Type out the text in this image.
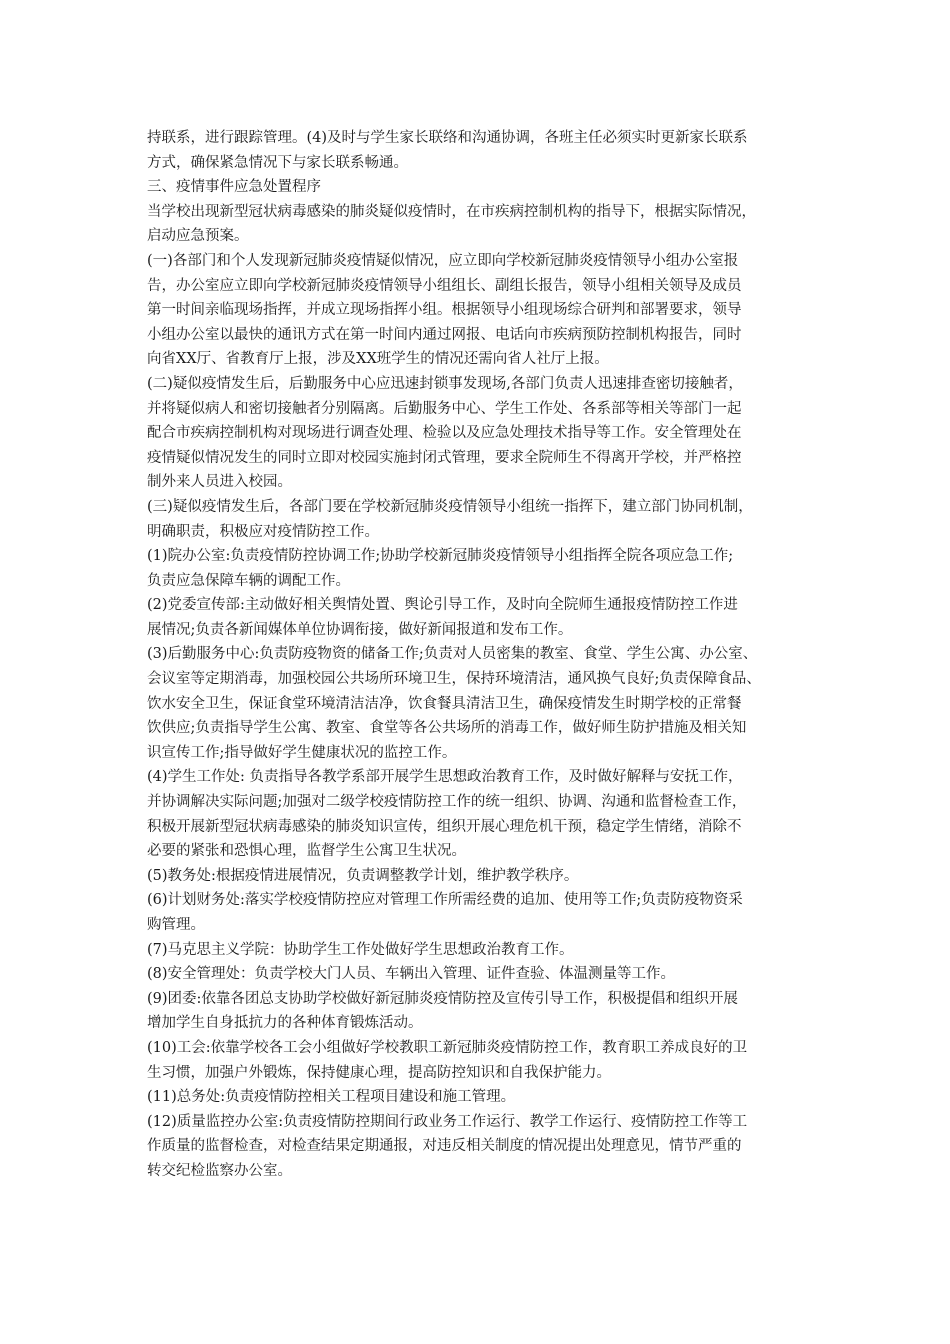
持联系，进行跟踪管理。(4)及时与学生家长联络和沟通协调，各班主任必须实时更新家长联系
方式，确保紧急情况下与家长联系畅通。

三、疫情事件应急处置程序

当学校出现新型冠状病毒感染的肺炎疑似疫情时，在市疾病控制机构的指导下，根据实际情况，
启动应急预案。

(一)各部门和个人发现新冠肺炎疫情疑似情况，应立即向学校新冠肺炎疫情领导小组办公室报
告，办公室应立即向学校新冠肺炎疫情领导小组组长、副组长报告，领导小组相关领导及成员
第一时间亲临现场指挥，并成立现场指挥小组。根据领导小组现场综合研判和部署要求，领导
小组办公室以最快的通讯方式在第一时间内通过网报、电话向市疾病预防控制机构报告，同时
向省XX厅、省教育厅上报，涉及XX班学生的情况还需向省人社厅上报。

(二)疑似疫情发生后，后勤服务中心应迅速封锁事发现场,各部门负责人迅速排查密切接触者，
并将疑似病人和密切接触者分别隔离。后勤服务中心、学生工作处、各系部等相关等部门一起
配合市疾病控制机构对现场进行调查处理、检验以及应急处理技术指导等工作。安全管理处在
疫情疑似情况发生的同时立即对校园实施封闭式管理，要求全院师生不得离开学校，并严格控
制外来人员进入校园。

(三)疑似疫情发生后，各部门要在学校新冠肺炎疫情领导小组统一指挥下，建立部门协同机制，
明确职责，积极应对疫情防控工作。

(1)院办公室:负责疫情防控协调工作;协助学校新冠肺炎疫情领导小组指挥全院各项应急工作;
负责应急保障车辆的调配工作。

(2)党委宣传部:主动做好相关舆情处置、舆论引导工作，及时向全院师生通报疫情防控工作进
展情况;负责各新闻媒体单位协调衔接，做好新闻报道和发布工作。

(3)后勤服务中心:负责防疫物资的储备工作;负责对人员密集的教室、食堂、学生公寓、办公室、
会议室等定期消毒，加强校园公共场所环境卫生，保持环境清洁，通风换气良好;负责保障食品、
饮水安全卫生，保证食堂环境清洁洁净，饮食餐具清洁卫生，确保疫情发生时期学校的正常餐
饮供应;负责指导学生公寓、教室、食堂等各公共场所的消毒工作，做好师生防护措施及相关知
识宣传工作;指导做好学生健康状况的监控工作。

(4)学生工作处: 负责指导各教学系部开展学生思想政治教育工作，及时做好解释与安抚工作，
并协调解决实际问题;加强对二级学校疫情防控工作的统一组织、协调、沟通和监督检查工作，
积极开展新型冠状病毒感染的肺炎知识宣传，组织开展心理危机干预，稳定学生情绪，消除不
必要的紧张和恐惧心理，监督学生公寓卫生状况。

(5)教务处:根据疫情进展情况，负责调整教学计划，维护教学秩序。

(6)计划财务处:落实学校疫情防控应对管理工作所需经费的追加、使用等工作;负责防疫物资采
购管理。

(7)马克思主义学院：协助学生工作处做好学生思想政治教育工作。

(8)安全管理处：负责学校大门人员、车辆出入管理、证件查验、体温测量等工作。

(9)团委:依靠各团总支协助学校做好新冠肺炎疫情防控及宣传引导工作，积极提倡和组织开展
增加学生自身抵抗力的各种体育锻炼活动。

(10)工会:依靠学校各工会小组做好学校教职工新冠肺炎疫情防控工作，教育职工养成良好的卫
生习惯，加强户外锻炼，保持健康心理，提高防控知识和自我保护能力。

(11)总务处:负责疫情防控相关工程项目建设和施工管理。

(12)质量监控办公室:负责疫情防控期间行政业务工作运行、教学工作运行、疫情防控工作等工
作质量的监督检查，对检查结果定期通报，对违反相关制度的情况提出处理意见，情节严重的
转交纪检监察办公室。
